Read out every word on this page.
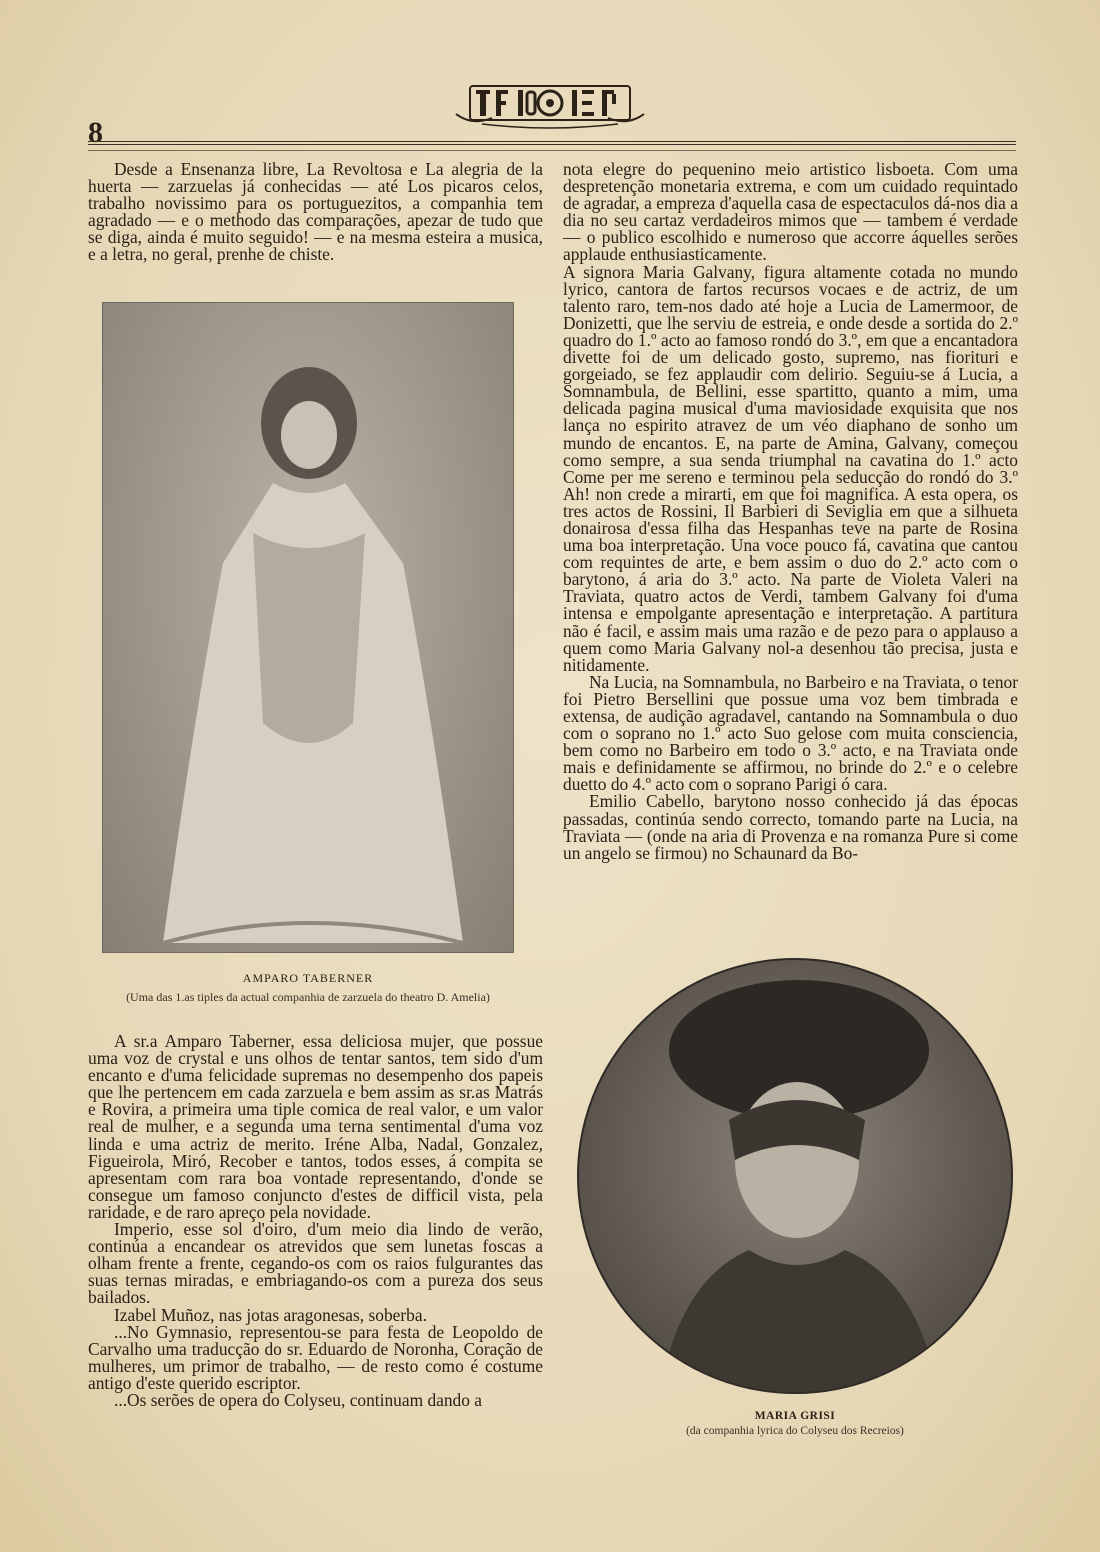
8

Desde a Ensenanza libre, La Revoltosa e La alegria de la huerta — zarzuelas já conhecidas — até Los picaros celos, trabalho novissimo para os portuguezitos, a companhia tem agradado — e o methodo das comparações, apezar de tudo que se diga, ainda é muito seguido! — e na mesma esteira a musica, e a letra, no geral, prenhe de chiste.

AMPARO TABERNER
(Uma das 1.as tiples da actual companhia de zarzuela do theatro D. Amelia)

A sr.a Amparo Taberner, essa deliciosa mujer, que possue uma voz de crystal e uns olhos de tentar santos, tem sido d'um encanto e d'uma felicidade supremas no desempenho dos papeis que lhe pertencem em cada zarzuela e bem assim as sr.as Matrás e Rovira, a primeira uma tiple comica de real valor, e um valor real de mulher, e a segunda uma terna sentimental d'uma voz linda e uma actriz de merito. Iréne Alba, Nadal, Gonzalez, Figueirola, Miró, Recober e tantos, todos esses, á compita se apresentam com rara boa vontade representando, d'onde se consegue um famoso conjuncto d'estes de difficil vista, pela raridade, e de raro apreço pela novidade.

Imperio, esse sol d'oiro, d'um meio dia lindo de verão, continúa a encandear os atrevidos que sem lunetas foscas a olham frente a frente, cegando-os com os raios fulgurantes das suas ternas miradas, e embriagando-os com a pureza dos seus bailados.

Izabel Muñoz, nas jotas aragonesas, soberba.

...No Gymnasio, representou-se para festa de Leopoldo de Carvalho uma traducção do sr. Eduardo de Noronha, Coração de mulheres, um primor de trabalho, — de resto como é costume antigo d'este querido escriptor.

...Os serões de opera do Colyseu, continuam dando a

nota elegre do pequenino meio artistico lisboeta. Com uma despretenção monetaria extrema, e com um cuidado requintado de agradar, a empreza d'aquella casa de espectaculos dá-nos dia a dia no seu cartaz verdadeiros mimos que — tambem é verdade — o publico escolhido e numeroso que accorre áquelles serões applaude enthusiasticamente.

A signora Maria Galvany, figura altamente cotada no mundo lyrico, cantora de fartos recursos vocaes e de actriz, de um talento raro, tem-nos dado até hoje a Lucia de Lamermoor, de Donizetti, que lhe serviu de estreia, e onde desde a sortida do 2.º quadro do 1.º acto ao famoso rondó do 3.º, em que a encantadora divette foi de um delicado gosto, supremo, nas fioriturі e gorgeiado, se fez applaudir com delirio. Seguiu-se á Lucia, a Somnambula, de Bellini, esse spartitto, quanto a mim, uma delicada pagina musical d'uma maviosidade exquisita que nos lança no espirito atravez de um véo diaphano de sonho um mundo de encantos. E, na parte de Amina, Galvany, começou como sempre, a sua senda triumphal na cavatina do 1.º acto Come per me sereno e terminou pela seducção do rondó do 3.º Ah! non crede a mirarti, em que foi magnifica. A esta opera, os tres actos de Rossini, Il Barbieri di Seviglia em que a silhueta donairosa d'essa filha das Hespanhas teve na parte de Rosina uma boa interpretação. Una voce pouco fá, cavatina que cantou com requintes de arte, e bem assim o duo do 2.º acto com o barytono, á aria do 3.º acto. Na parte de Violeta Valeri na Traviata, quatro actos de Verdi, tambem Galvany foi d'uma intensa e empolgante apresentação e interpretação. A partitura não é facil, e assim mais uma razão e de pezo para o applauso a quem como Maria Galvany nol-a desenhou tão precisa, justa e nitidamente.

Na Lucia, na Somnambula, no Barbeiro e na Traviata, o tenor foi Pietro Bersellini que possue uma voz bem timbrada e extensa, de audição agradavel, cantando na Somnambula o duo com o soprano no 1.º acto Suo gelose com muita consciencia, bem como no Barbeiro em todo o 3.º acto, e na Traviata onde mais e definidamente se affirmou, no brinde do 2.º e o celebre duetto do 4.º acto com o soprano Parigi ó cara.

Emilio Cabello, barytono nosso conhecido já das épocas passadas, continúa sendo correcto, tomando parte na Lucia, na Traviata — (onde na aria di Provenza e na romanza Pure si come un angelo se firmou) no Schaunard da Bo-

MARIA GRISI
(da companhia lyrica do Colyseu dos Recreios)
